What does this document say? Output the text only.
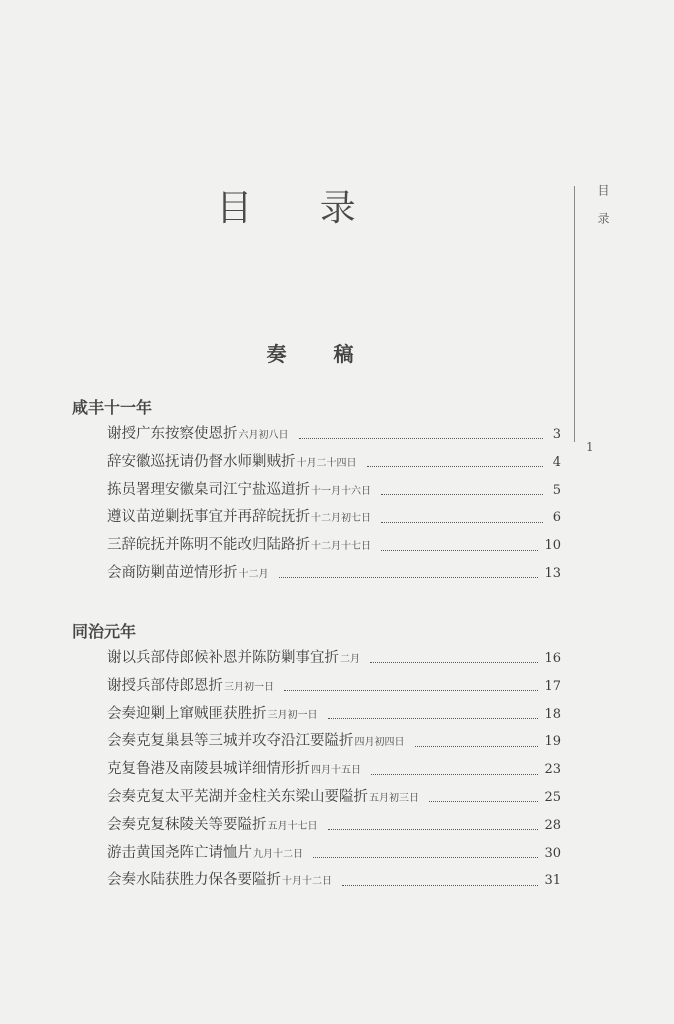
目 录	目录
1
奏 稿
咸丰十一年
谢授广东按察使恩折 六月初八日	3
辞安徽巡抚请仍督水师剿贼折 十月二十四日	4
拣员署理安徽臬司江宁盐巡道折 十一月十六日	5
遵议苗逆剿抚事宜并再辞皖抚折 十二月初七日	6
三辞皖抚并陈明不能改归陆路折 十二月十七日	10
会商防剿苗逆情形折 十二月	13
同治元年
谢以兵部侍郎候补恩并陈防剿事宜折 二月	16
谢授兵部侍郎恩折 三月初一日	17
会奏迎剿上窜贼匪获胜折 三月初一日	18
会奏克复巢县等三城并攻夺沿江要隘折 四月初四日	19
克复鲁港及南陵县城详细情形折 四月十五日	23
会奏克复太平芜湖并金柱关东梁山要隘折 五月初三日	25
会奏克复秣陵关等要隘折 五月十七日	28
游击黄国尧阵亡请恤片 九月十二日	30
会奏水陆获胜力保各要隘折 十月十二日	31
